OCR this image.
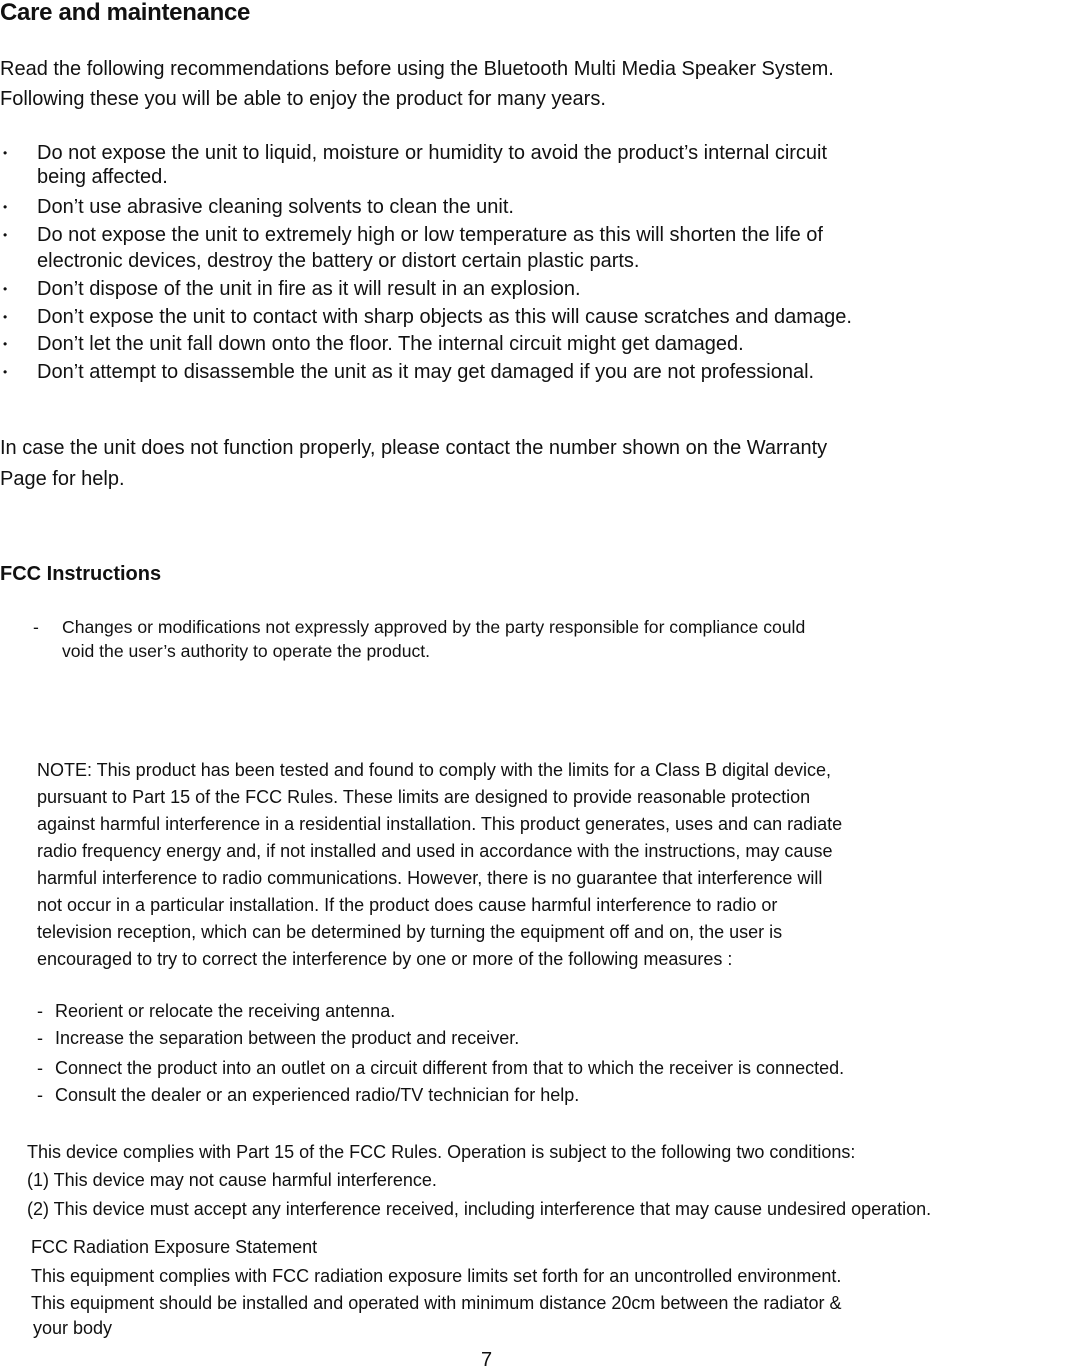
Care and maintenance

Read the following recommendations before using the Bluetooth Multi Media Speaker System.

Following these you will be able to enjoy the product for many years.

• Do not expose the unit to liquid, moisture or humidity to avoid the product’s internal circuit
being affected.
• Don’t use abrasive cleaning solvents to clean the unit.
• Do not expose the unit to extremely high or low temperature as this will shorten the life of
electronic devices, destroy the battery or distort certain plastic parts.
• Don’t dispose of the unit in fire as it will result in an explosion.
• Don’t expose the unit to contact with sharp objects as this will cause scratches and damage.
• Don’t let the unit fall down onto the floor. The internal circuit might get damaged.
• Don’t attempt to disassemble the unit as it may get damaged if you are not professional.

In case the unit does not function properly, please contact the number shown on the Warranty

Page for help.

FCC Instructions
- Changes or modifications not expressly approved by the party responsible for compliance could

void the user’s authority to operate the product.

NOTE: This product has been tested and found to comply with the limits for a Class B digital device,

pursuant to Part 15 of the FCC Rules. These limits are designed to provide reasonable protection

against harmful interference in a residential installation. This product generates, uses and can radiate

radio frequency energy and, if not installed and used in accordance with the instructions, may cause

harmful interference to radio communications. However, there is no guarantee that interference will

not occur in a particular installation. If the product does cause harmful interference to radio or

television reception, which can be determined by turning the equipment off and on, the user is

encouraged to try to correct the interference by one or more of the following measures :

- Reorient or relocate the receiving antenna.

- Increase the separation between the product and receiver.

- Connect the product into an outlet on a circuit different from that to which the receiver is connected.

- Consult the dealer or an experienced radio/TV technician for help.

This device complies with Part 15 of the FCC Rules. Operation is subject to the following two conditions:

(1) This device may not cause harmful interference.

(2) This device must accept any interference received, including interference that may cause undesired operation.

FCC Radiation Exposure Statement

This equipment complies with FCC radiation exposure limits set forth for an uncontrolled environment.

This equipment should be installed and operated with minimum distance 20cm between the radiator &

your body

7
